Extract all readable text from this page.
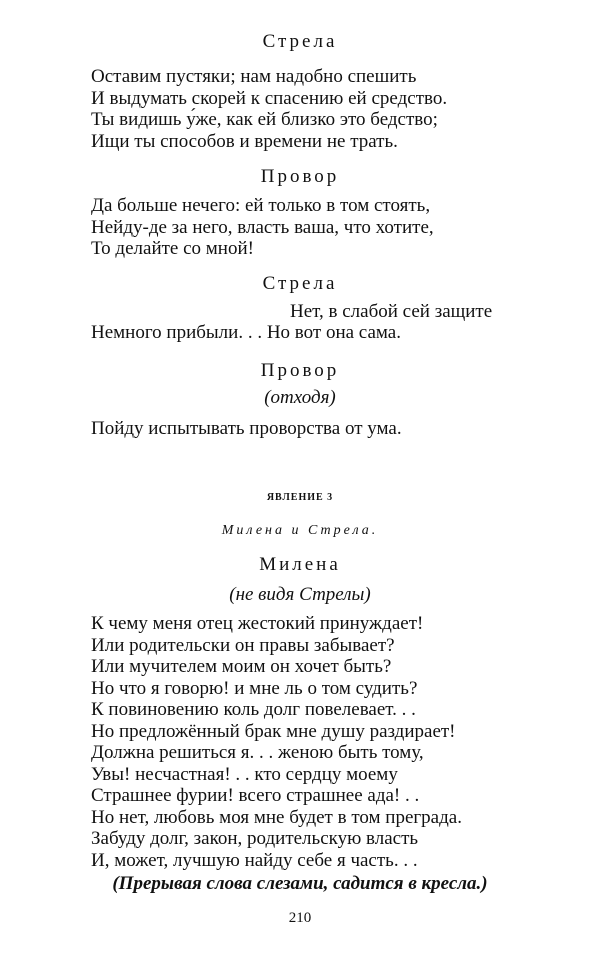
Стрела
Оставим пустяки; нам надобно спешить
И выдумать скорей к спасению ей средство.
Ты видишь у́же, как ей близко это бедство;
Ищи ты способов и времени не трать.
Провор
Да больше нечего: ей только в том стоять,
Нейду-де за него, власть ваша, что хотите,
То делайте со мной!
Стрела
Нет, в слабой сей защите
Немного прибыли. . . Но вот она сама.
Провор
(отходя)
Пойду испытывать проворства от ума.
ЯВЛЕНИЕ 3
Милена и Стрела.
Милена
(не видя Стрелы)
К чему меня отец жестокий принуждает!
Или родительски он правы забывает?
Или мучителем моим он хочет быть?
Но что я говорю! и мне ль о том судить?
К повиновению коль долг повелевает. . .
Но предложённый брак мне душу раздирает!
Должна решиться я. . . женою быть тому,
Увы! несчастная! . . кто сердцу моему
Страшнее фурии! всего страшнее ада! . .
Но нет, любовь моя мне будет в том преграда.
Забуду долг, закон, родительскую власть
И, может, лучшую найду себе я часть. . .
(Прерывая слова слезами, садится в кресла.)
210
